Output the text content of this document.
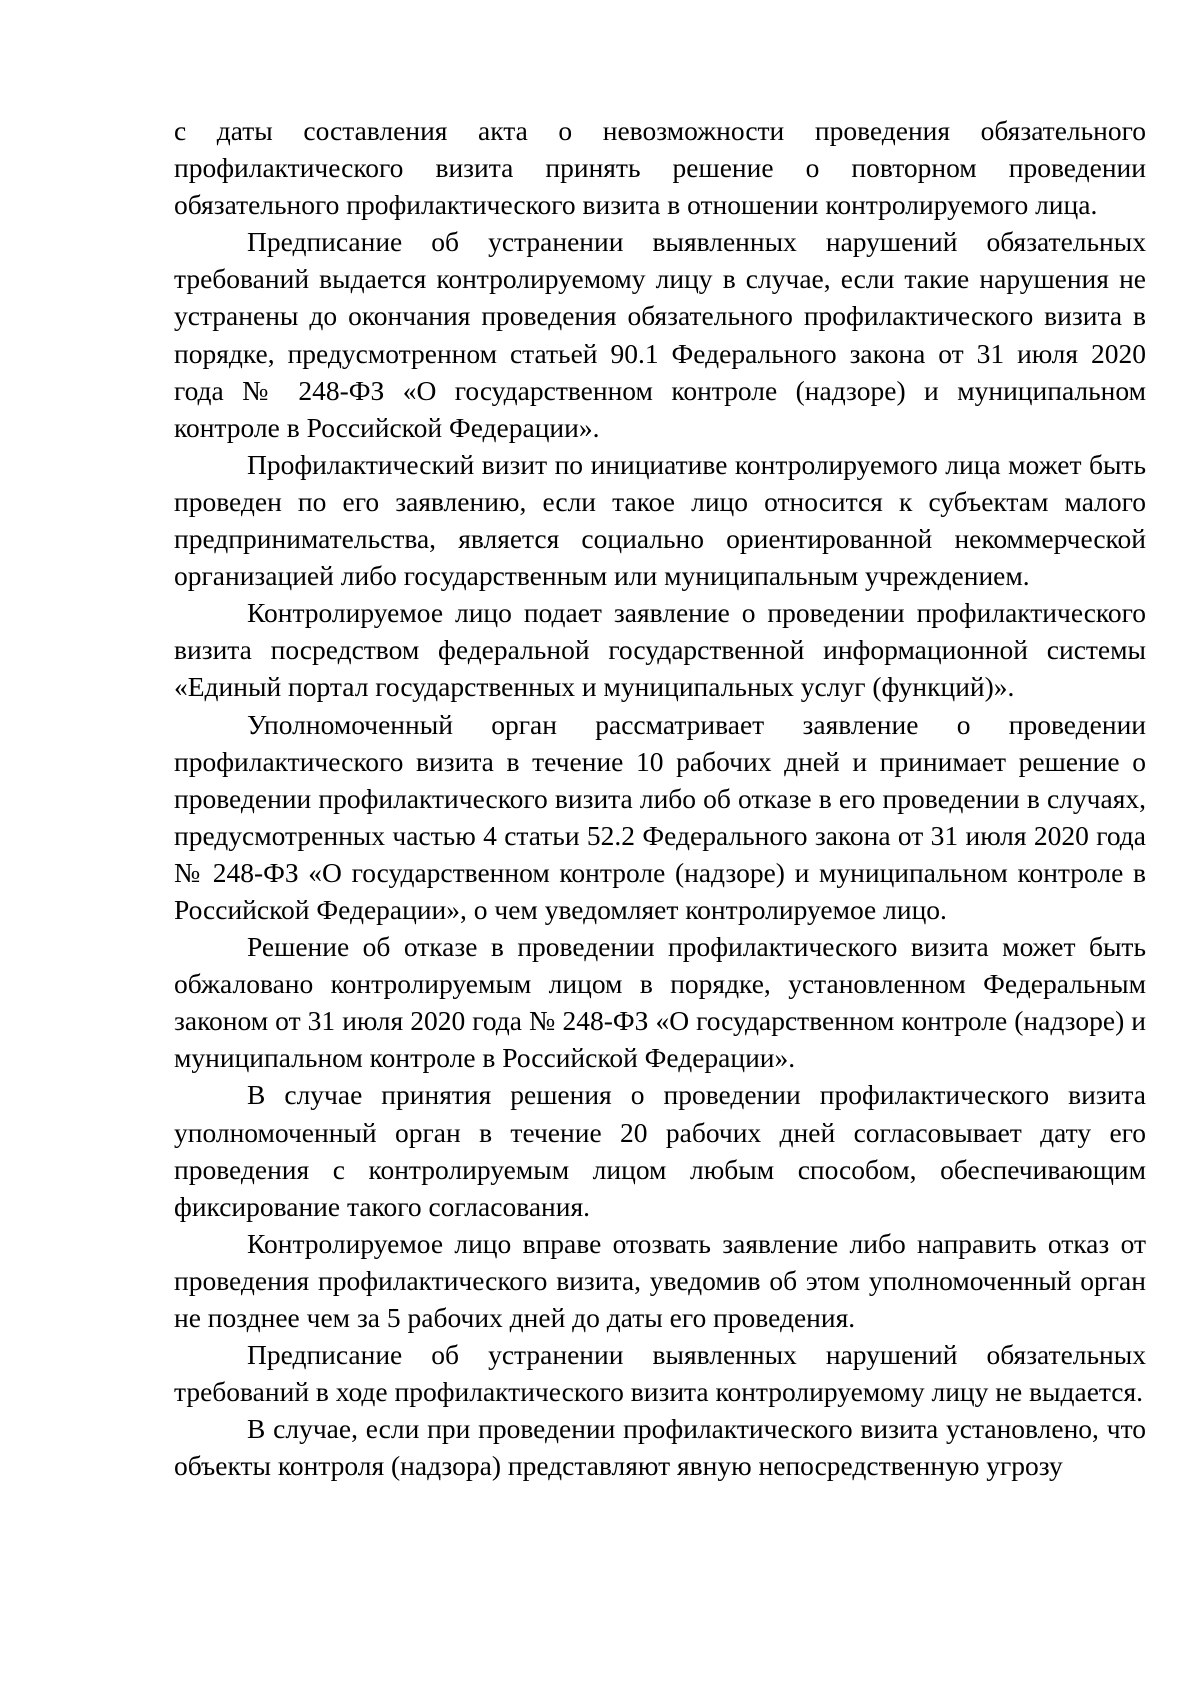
с даты составления акта о невозможности проведения обязательного профилактического визита принять решение о повторном проведении обязательного профилактического визита в отношении контролируемого лица.

Предписание об устранении выявленных нарушений обязательных требований выдается контролируемому лицу в случае, если такие нарушения не устранены до окончания проведения обязательного профилактического визита в порядке, предусмотренном статьей 90.1 Федерального закона от 31 июля 2020 года № 248-ФЗ «О государственном контроле (надзоре) и муниципальном контроле в Российской Федерации».

Профилактический визит по инициативе контролируемого лица может быть проведен по его заявлению, если такое лицо относится к субъектам малого предпринимательства, является социально ориентированной некоммерческой организацией либо государственным или муниципальным учреждением.

Контролируемое лицо подает заявление о проведении профилактического визита посредством федеральной государственной информационной системы «Единый портал государственных и муниципальных услуг (функций)».

Уполномоченный орган рассматривает заявление о проведении профилактического визита в течение 10 рабочих дней и принимает решение о проведении профилактического визита либо об отказе в его проведении в случаях, предусмотренных частью 4 статьи 52.2 Федерального закона от 31 июля 2020 года № 248-ФЗ «О государственном контроле (надзоре) и муниципальном контроле в Российской Федерации», о чем уведомляет контролируемое лицо.

Решение об отказе в проведении профилактического визита может быть обжаловано контролируемым лицом в порядке, установленном Федеральным законом от 31 июля 2020 года № 248-ФЗ «О государственном контроле (надзоре) и муниципальном контроле в Российской Федерации».

В случае принятия решения о проведении профилактического визита уполномоченный орган в течение 20 рабочих дней согласовывает дату его проведения с контролируемым лицом любым способом, обеспечивающим фиксирование такого согласования.

Контролируемое лицо вправе отозвать заявление либо направить отказ от проведения профилактического визита, уведомив об этом уполномоченный орган не позднее чем за 5 рабочих дней до даты его проведения.

Предписание об устранении выявленных нарушений обязательных требований в ходе профилактического визита контролируемому лицу не выдается.

В случае, если при проведении профилактического визита установлено, что объекты контроля (надзора) представляют явную непосредственную угрозу
